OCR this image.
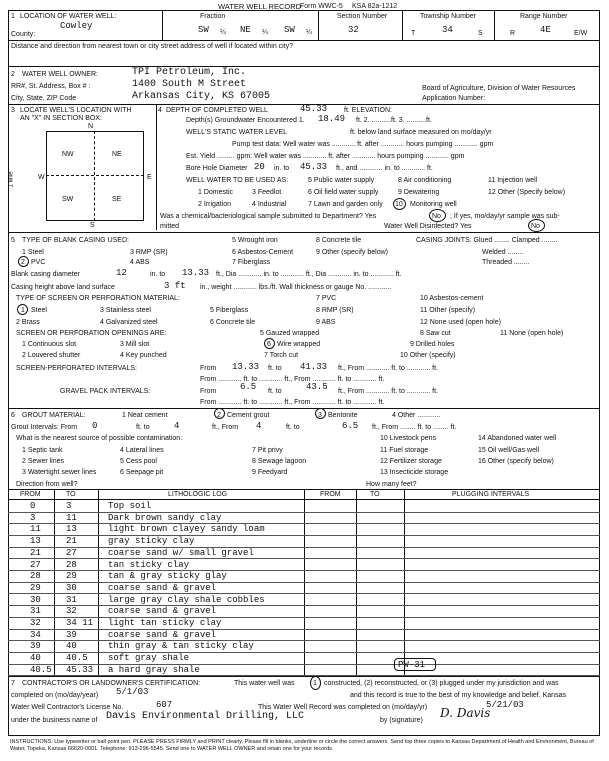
WATER WELL RECORD
Form WWC-5 KSA 82a-1212
1 LOCATION OF WATER WELL:
County:
Cowley
Fraction
SW ¼ NE ¼ SW ¼
Section Number
32
Township Number
T	34	S
Range Number
R	4E	E/W
Distance and direction from nearest town or city street address of well if located within city?
2 WATER WELL OWNER:	TPI Petroleum, Inc.
RR#, St. Address, Box # :	1400 South M Street
City, State, ZIP Code	Arkansas City, KS 67005
Board of Agriculture, Division of Water Resources
Application Number:
3 LOCATE WELL'S LOCATION WITH
AN "X" IN SECTION BOX:
N
W	E
S
1 Mile
NW	NE
SW	SE
4 DEPTH OF COMPLETED WELL	45.33 ft. ELEVATION:
Depth(s) Groundwater Encountered 1. 18.49 ft. 2. ..........ft. 3. ..........ft.
WELL'S STATIC WATER LEVEL	ft. below land surface measured on mo/day/yr
Pump test data: Well water was ............ ft. after ............ hours pumping ............ gpm
Est. Yield ......... gpm: Well water was ............ ft. after ............ hours pumping ............ gpm
Bore Hole Diameter 20 in. to 45.33 ft., and ............ in. to ............ ft.
WELL WATER TO BE USED AS:	5 Public water supply	8 Air conditioning	11 Injection well
1 Domestic	3 Feedlot	6 Oil field water supply	9 Dewatering	12 Other (Specify below)
2 Irrigation	4 Industrial	7 Lawn and garden only 10 Monitoring well
Was a chemical/bacteriological sample submitted to Department? Yes	No ; If yes, mo/day/yr sample was sub-
mitted	Water Well Disinfected? Yes	No
5 TYPE OF BLANK CASING USED:	5 Wrought iron	8 Concrete tile	CASING JOINTS: Glued ........ Clamped ........
1 Steel	3 RMP (SR)	6 Asbestos-Cement	9 Other (specify below)	Welded ........
2 PVC	4 ABS	7 Fiberglass	Threaded ........
Blank casing diameter	12	in. to 13.33 ft., Dia ............ in. to ............ ft., Dia ............ in. to ............ ft.
Casing height above land surface	3 ft in., weight ............ lbs./ft. Wall thickness or gauge No. ............
TYPE OF SCREEN OR PERFORATION MATERIAL:	7 PVC	10 Asbestos-cement
1 Steel	3 Stainless steel	5 Fiberglass	8 RMP (SR)	11 Other (specify)
2 Brass	4 Galvanized steel	6 Concrete tile	9 ABS	12 None used (open hole)
SCREEN OR PERFORATION OPENINGS ARE:	5 Gauzed wrapped	8 Saw cut	11 None (open hole)
1 Continuous slot	3 Mill slot	6 Wire wrapped	9 Drilled holes
2 Louvered shutter	4 Key punched	7 Torch cut	10 Other (specify)
SCREEN-PERFORATED INTERVALS:	From 13.33 ft. to 41.33 ft., From ............ ft. to ............ ft.
From ............ ft. to ............ ft., From ............ ft. to ............ ft.
GRAVEL PACK INTERVALS:	From	6.5 ft. to	43.5 ft., From ............ ft. to ............ ft.
From ............ ft. to ............ ft., From ............ ft. to ............ ft.
6 GROUT MATERIAL:	1 Neat cement	2 Cement grout	3 Bentonite	4 Other ............
Grout Intervals: From 0	ft. to	4	ft., From 4	ft. to	6.5 ft., From ........ ft. to ........ ft.
What is the nearest source of possible contamination:	10 Livestock pens	14 Abandoned water well
1 Septic tank	4 Lateral lines	7 Pit privy	11 Fuel storage	15 Oil well/Gas well
2 Sewer lines	5 Cess pool	8 Sewage lagoon	12 Fertilizer storage	16 Other (specify below)
3 Watertight sewer lines	6 Seepage pit	9 Feedyard	13 Insecticide storage
Direction from well?	How many feet?
FROM	TO	LITHOLOGIC LOG	FROM	TO	PLUGGING INTERVALS
0	3	Top soil
3	11	Dark brown sandy clay
11	13	light brown clayey sandy loam
13	21	gray sticky clay
21	27	coarse sand w/ small gravel
27	28	tan sticky clay
28	29	tan & gray sticky glay
29	30	coarse sand & gravel
30	31	large gray clay shale cobbles
31	32	coarse sand & gravel
32	34 11 light tan sticky clay
34	39	coarse sand & gravel
39	40	thin gray & tan sticky clay
40	40.5 soft gray shale
40.5 45.33 a hard gray shale	PW-31
7 CONTRACTOR'S OR LANDOWNER'S CERTIFICATION:	This water well was	1 constructed, (2) reconstructed, or (3) plugged under my jurisdiction and was
completed on (mo/day/year) 5/1/03	and this record is true to the best of my knowledge and belief. Kansas
Water Well Contractor's License No.	607	This Water Well Record was completed on (mo/day/yr)	5/21/03
under the business name of Davis Environmental Drilling, LLC	by (signature)
D. Davis
INSTRUCTIONS: Use typewriter or ball point pen. PLEASE PRESS FIRMLY and PRINT clearly. Please fill in blanks, underline or circle the correct answers. Send top three copies to Kansas Department of Health and Environment, Bureau of Water, Topeka, Kansas 66620-0001. Telephone: 913-296-5545. Send one to WATER WELL OWNER and retain one for your records.
